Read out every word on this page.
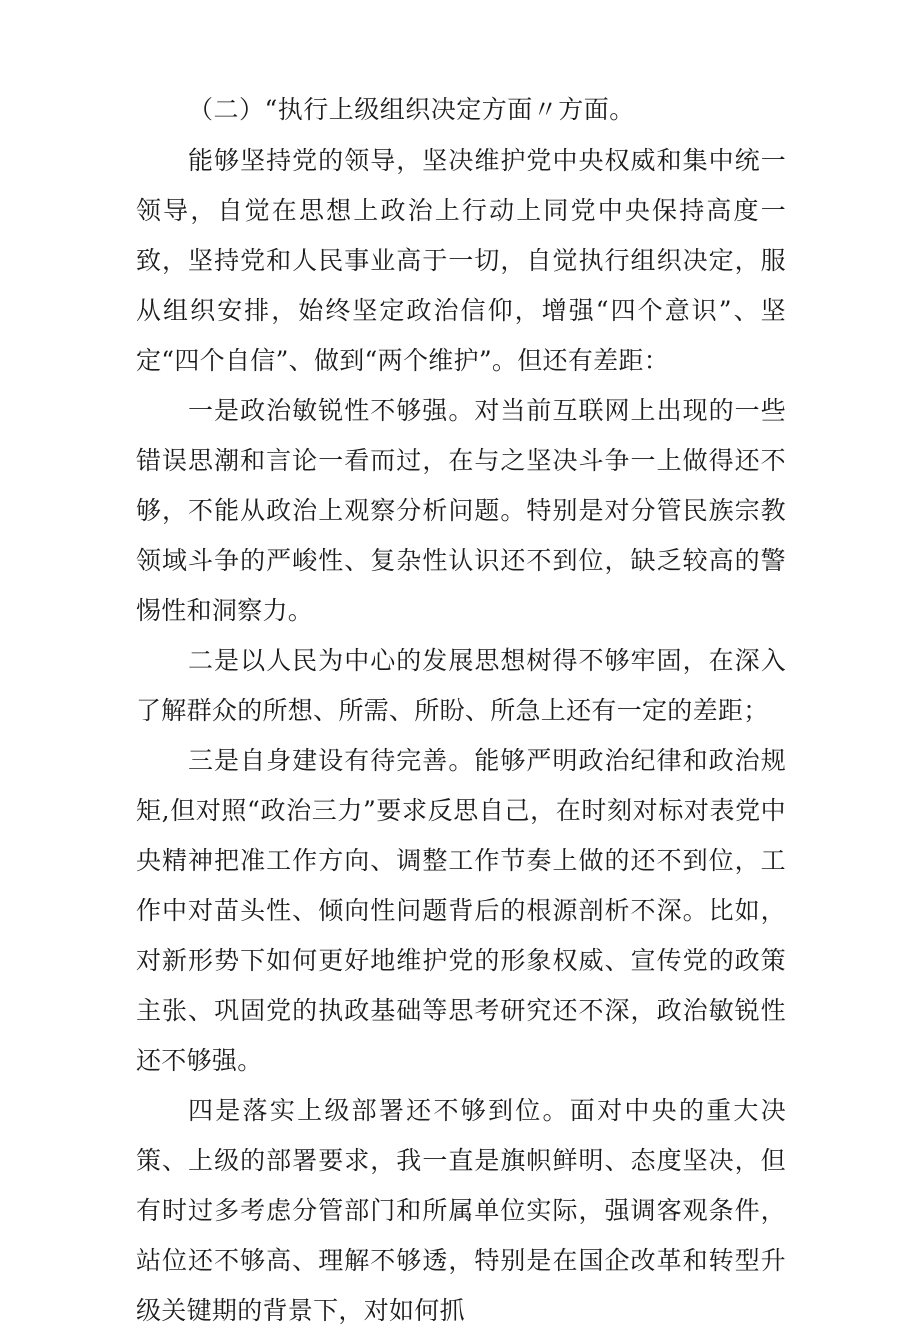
（二）“执行上级组织决定方面〃方面。

能够坚持党的领导，坚决维护党中央权威和集中统一领导，自觉在思想上政治上行动上同党中央保持高度一致，坚持党和人民事业高于一切，自觉执行组织决定，服从组织安排，始终坚定政治信仰，增强“四个意识”、坚定“四个自信”、做到“两个维护”。但还有差距：

一是政治敏锐性不够强。对当前互联网上出现的一些错误思潮和言论一看而过，在与之坚决斗争一上做得还不够，不能从政治上观察分析问题。特别是对分管民族宗教领域斗争的严峻性、复杂性认识还不到位，缺乏较高的警惕性和洞察力。

二是以人民为中心的发展思想树得不够牢固，在深入了解群众的所想、所需、所盼、所急上还有一定的差距；

三是自身建设有待完善。能够严明政治纪律和政治规矩,但对照“政治三力”要求反思自己，在时刻对标对表党中央精神把准工作方向、调整工作节奏上做的还不到位，工作中对苗头性、倾向性问题背后的根源剖析不深。比如，对新形势下如何更好地维护党的形象权威、宣传党的政策主张、巩固党的执政基础等思考研究还不深，政治敏锐性还不够强。

四是落实上级部署还不够到位。面对中央的重大决策、上级的部署要求，我一直是旗帜鲜明、态度坚决，但有时过多考虑分管部门和所属单位实际，强调客观条件，站位还不够高、理解不够透，特别是在国企改革和转型升级关键期的背景下，对如何抓
